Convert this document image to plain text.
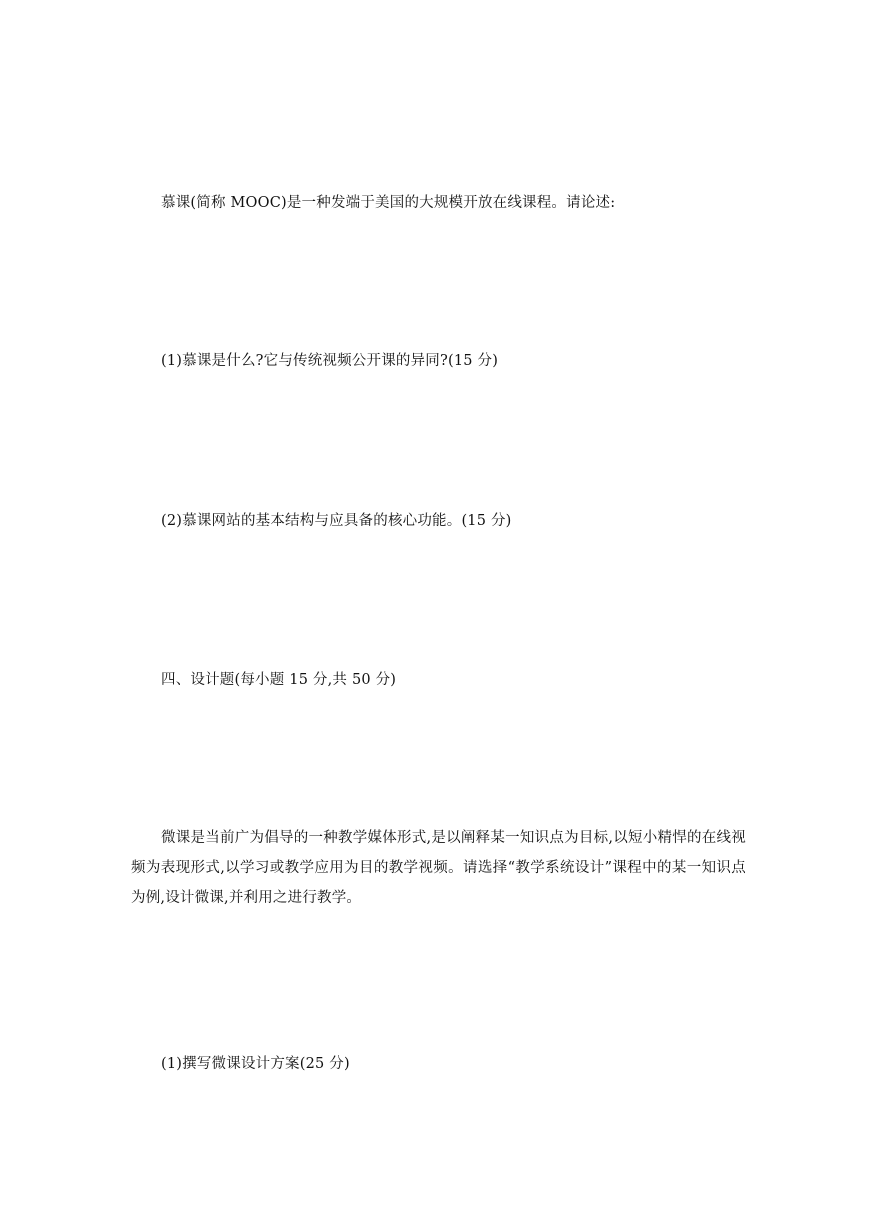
慕课(简称 MOOC)是一种发端于美国的大规模开放在线课程。请论述:

(1)慕课是什么?它与传统视频公开课的异同?(15 分)

(2)慕课网站的基本结构与应具备的核心功能。(15 分)

四、设计题(每小题 15 分,共 50 分)

微课是当前广为倡导的一种教学媒体形式,是以阐释某一知识点为目标,以短小精悍的在线视频为表现形式,以学习或教学应用为目的教学视频。请选择“教学系统设计”课程中的某一知识点为例,设计微课,并利用之进行教学。

(1)撰写微课设计方案(25 分)
